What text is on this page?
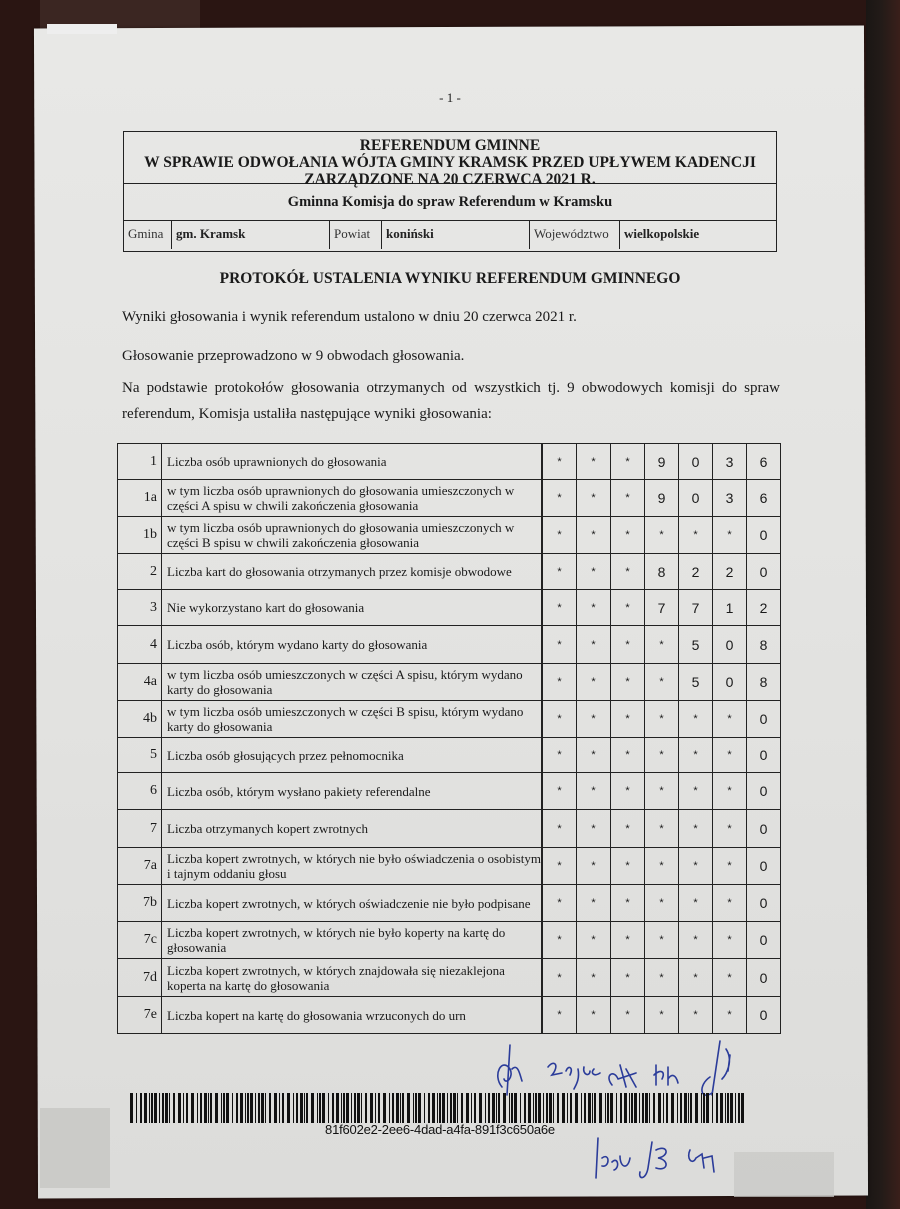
- 1 -
REFERENDUM GMINNE
W SPRAWIE ODWOŁANIA WÓJTA GMINY KRAMSK PRZED UPŁYWEM KADENCJI
ZARZĄDZONE NA 20 CZERWCA 2021 R.
Gminna Komisja do spraw Referendum w Kramsku
Gmina gm. Kramsk	Powiat	koniński	Województwo	wielkopolskie
PROTOKÓŁ USTALENIA WYNIKU REFERENDUM GMINNEGO
Wyniki głosowania i wynik referendum ustalono w dniu 20 czerwca 2021 r.
Głosowanie przeprowadzono w 9 obwodach głosowania.
Na podstawie protokołów głosowania otrzymanych od wszystkich tj. 9 obwodowych komisji do spraw referendum, Komisja ustaliła następujące wyniki głosowania:
1	Liczba osób uprawnionych do głosowania		*	*	*	9	0	3	6
1a	w tym liczba osób uprawnionych do głosowania umieszczonych w części A spisu w chwili zakończenia głosowania		*	*	*	9	0	3	6
1b	w tym liczba osób uprawnionych do głosowania umieszczonych w części B spisu w chwili zakończenia głosowania		*	*	*	*	*	*	0
2	Liczba kart do głosowania otrzymanych przez komisje obwodowe		*	*	*	8	2	2	0
3	Nie wykorzystano kart do głosowania		*	*	*	7	7	1	2
4	Liczba osób, którym wydano karty do głosowania		*	*	*	*	5	0	8
4a	w tym liczba osób umieszczonych w części A spisu, którym wydano karty do głosowania		*	*	*	*	5	0	8
4b	w tym liczba osób umieszczonych w części B spisu, którym wydano karty do głosowania		*	*	*	*	*	*	0
5	Liczba osób głosujących przez pełnomocnika		*	*	*	*	*	*	0
6	Liczba osób, którym wysłano pakiety referendalne		*	*	*	*	*	*	0
7	Liczba otrzymanych kopert zwrotnych		*	*	*	*	*	*	0
7a	Liczba kopert zwrotnych, w których nie było oświadczenia o osobistym i tajnym oddaniu głosu		*	*	*	*	*	*	0
7b	Liczba kopert zwrotnych, w których oświadczenie nie było podpisane		*	*	*	*	*	*	0
7c	Liczba kopert zwrotnych, w których nie było koperty na kartę do głosowania		*	*	*	*	*	*	0
7d	Liczba kopert zwrotnych, w których znajdowała się niezaklejona koperta na kartę do głosowania		*	*	*	*	*	*	0
7e	Liczba kopert na kartę do głosowania wrzuconych do urn		*	*	*	*	*	*	0
81f602e2-2ee6-4dad-a4fa-891f3c650a6e
